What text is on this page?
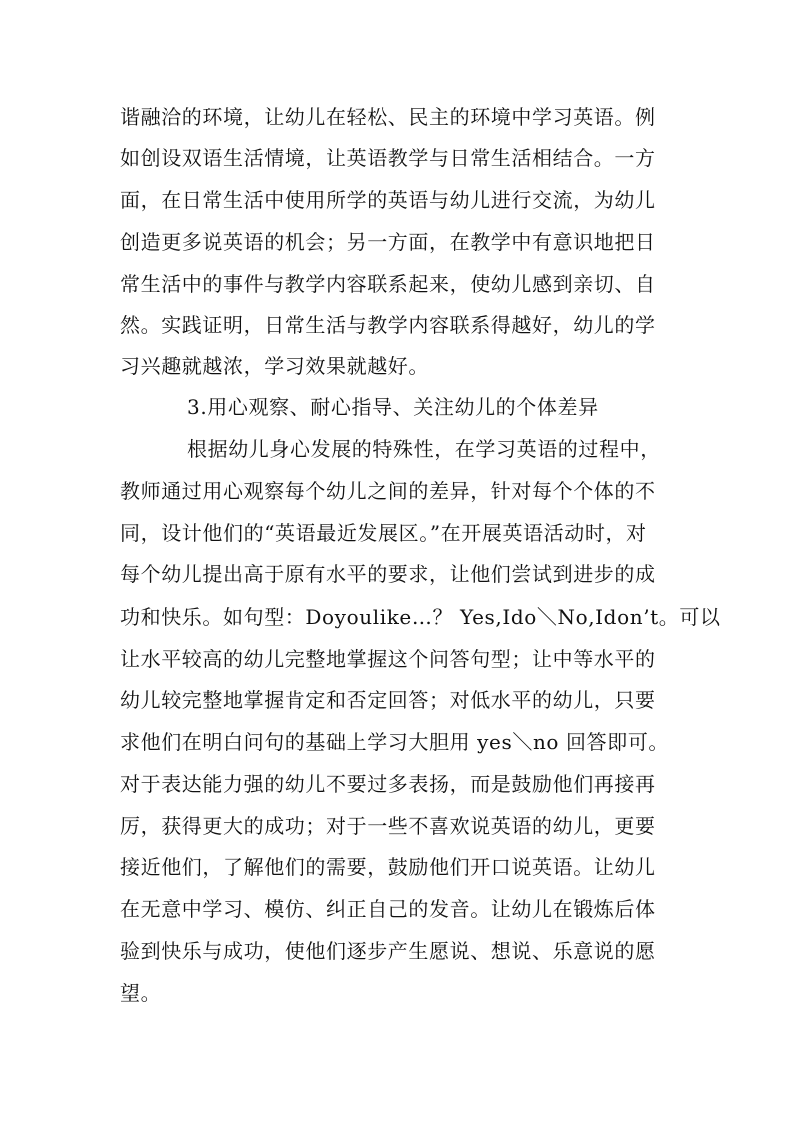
谐融洽的环境，让幼儿在轻松、民主的环境中学习英语。例
如创设双语生活情境，让英语教学与日常生活相结合。一方
面，在日常生活中使用所学的英语与幼儿进行交流，为幼儿
创造更多说英语的机会；另一方面，在教学中有意识地把日
常生活中的事件与教学内容联系起来，使幼儿感到亲切、自
然。实践证明，日常生活与教学内容联系得越好，幼儿的学
习兴趣就越浓，学习效果就越好。
3.用心观察、耐心指导、关注幼儿的个体差异
根据幼儿身心发展的特殊性，在学习英语的过程中，
教师通过用心观察每个幼儿之间的差异，针对每个个体的不
同，设计他们的“英语最近发展区。”在开展英语活动时，对
每个幼儿提出高于原有水平的要求，让他们尝试到进步的成
功和快乐。如句型：Doyoulike…？ Yes,Ido＼No,Idon’t。可以
让水平较高的幼儿完整地掌握这个问答句型；让中等水平的
幼儿较完整地掌握肯定和否定回答；对低水平的幼儿，只要
求他们在明白问句的基础上学习大胆用 yes＼no 回答即可。
对于表达能力强的幼儿不要过多表扬，而是鼓励他们再接再
厉，获得更大的成功；对于一些不喜欢说英语的幼儿，更要
接近他们，了解他们的需要，鼓励他们开口说英语。让幼儿
在无意中学习、模仿、纠正自己的发音。让幼儿在锻炼后体
验到快乐与成功，使他们逐步产生愿说、想说、乐意说的愿
望。
